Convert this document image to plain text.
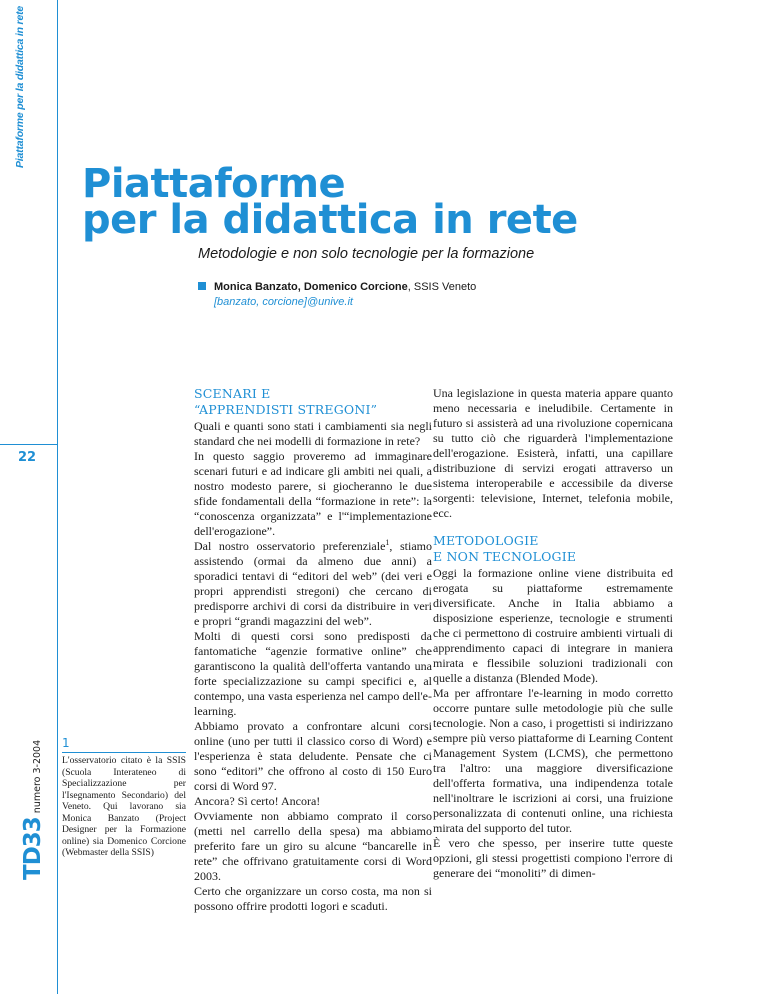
Piattaforme per la didattica in rete
22
TD33 numero 3-2004
Piattaforme
per la didattica in rete
Metodologie e non solo tecnologie per la formazione
Monica Banzato, Domenico Corcione, SSIS Veneto
[banzato, corcione]@unive.it
SCENARI E
“APPRENDISTI STREGONI”

Quali e quanti sono stati i cambiamenti sia negli standard che nei modelli di formazione in rete?

In questo saggio proveremo ad immaginare scenari futuri e ad indicare gli ambiti nei quali, a nostro modesto parere, si giocheranno le due sfide fondamentali della “formazione in rete”: la “conoscenza organizzata” e l'“implementazione dell'erogazione”.

Dal nostro osservatorio preferenziale$^1$, stiamo assistendo (ormai da almeno due anni) a sporadici tentavi di “editori del web” (dei veri e propri apprendisti stregoni) che cercano di predisporre archivi di corsi da distribuire in veri e propri “grandi magazzini del web”.

Molti di questi corsi sono predisposti da fantomatiche “agenzie formative online” che garantiscono la qualità dell'offerta vantando una forte specializzazione su campi specifici e, al contempo, una vasta esperienza nel campo dell'e-learning.

Abbiamo provato a confrontare alcuni corsi online (uno per tutti il classico corso di Word) e l'esperienza è stata deludente. Pensate che ci sono “editori” che offrono al costo di 150 Euro corsi di Word 97.

Ancora? Sì certo! Ancora!

Ovviamente non abbiamo comprato il corso (metti nel carrello della spesa) ma abbiamo preferito fare un giro su alcune “bancarelle in rete” che offrivano gratuitamente corsi di Word 2003.

Certo che organizzare un corso costa, ma non si possono offrire prodotti logori e scaduti.

Una legislazione in questa materia appare quanto meno necessaria e ineludibile. Certamente in futuro si assisterà ad una rivoluzione copernicana su tutto ciò che riguarderà l'implementazione dell'erogazione. Esisterà, infatti, una capillare distribuzione di servizi erogati attraverso un sistema interoperabile e accessibile da diverse sorgenti: televisione, Internet, telefonia mobile, ecc.

METODOLOGIE
E NON TECNOLOGIE

Oggi la formazione online viene distribuita ed erogata su piattaforme estremamente diversificate. Anche in Italia abbiamo a disposizione esperienze, tecnologie e strumenti che ci permettono di costruire ambienti virtuali di apprendimento capaci di integrare in maniera mirata e flessibile soluzioni tradizionali con quelle a distanza (Blended Mode).

Ma per affrontare l'e-learning in modo corretto occorre puntare sulle metodologie più che sulle tecnologie. Non a caso, i progettisti si indirizzano sempre più verso piattaforme di Learning Content Management System (LCMS), che permettono tra l'altro: una maggiore diversificazione dell'offerta formativa, una indipendenza totale nell'inoltrare le iscrizioni ai corsi, una fruizione personalizzata di contenuti online, una richiesta mirata del supporto del tutor.

È vero che spesso, per inserire tutte queste opzioni, gli stessi progettisti compiono l'errore di generare dei “monoliti” di dimen-

1
L'osservatorio citato è la SSIS (Scuola Interateneo di Specializzazione per l'Isegnamento Secondario) del Veneto. Qui lavorano sia Monica Banzato (Project Designer per la Formazione online) sia Domenico Corcione (Webmaster della SSIS)
